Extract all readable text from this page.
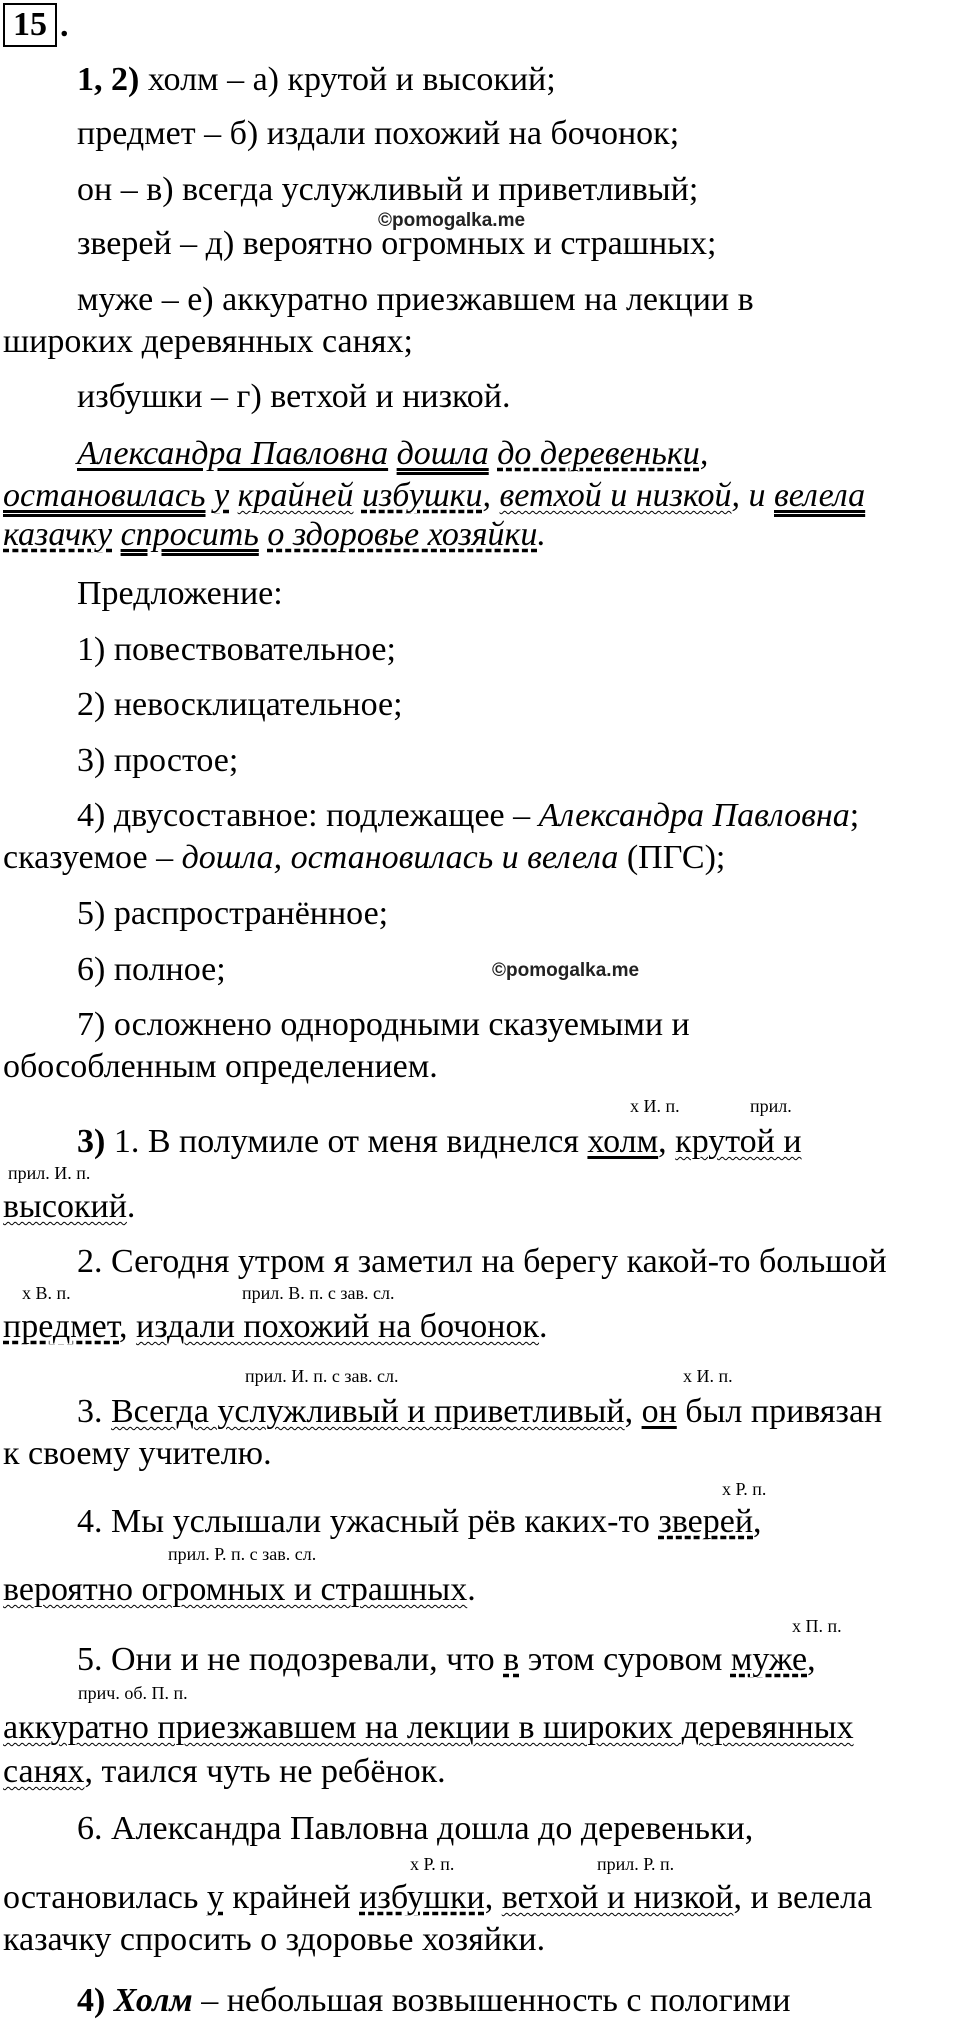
15 .
1, 2) холм – а) крутой и высокий;
предмет – б) издали похожий на бочонок;
он – в) всегда услужливый и приветливый;
©pomogalka.me
зверей – д) вероятно огромных и страшных;
муже – е) аккуратно приезжавшем на лекции в
широких деревянных санях;
избушки – г) ветхой и низкой.
Александра Павловна дошла до деревеньки,
остановилась у крайней избушки, ветхой и низкой, и велела
казачку спросить о здоровье хозяйки.
Предложение:
1) повествовательное;
2) невосклицательное;
3) простое;
4) двусоставное: подлежащее – Александра Павловна;
сказуемое – дошла, остановилась и велела (ПГС);
5) распространённое;
6) полное;	©pomogalka.me
7) осложнено однородными сказуемыми и
обособленным определением.
x И. п.	прил.
3) 1. В полумиле от меня виднелся холм, крутой и
прил. И. п.
высокий.
2. Сегодня утром я заметил на берегу какой-то большой
x В. п.	прил. В. п. с зав. сл.
предмет, издали похожий на бочонок.
прил. И. п. с зав. сл.	x И. п.
3. Всегда услужливый и приветливый, он был привязан
к своему учителю.
x Р. п.
4. Мы услышали ужасный рёв каких-то зверей,
прил. Р. п. с зав. сл.
вероятно огромных и страшных.
x П. п.
5. Они и не подозревали, что в этом суровом муже,
прич. об. П. п.
аккуратно приезжавшем на лекции в широких деревянных
санях, таился чуть не ребёнок.
6. Александра Павловна дошла до деревеньки,
x Р. п.	прил. Р. п.
остановилась у крайней избушки, ветхой и низкой, и велела
казачку спросить о здоровье хозяйки.
4) Холм – небольшая возвышенность с пологими
